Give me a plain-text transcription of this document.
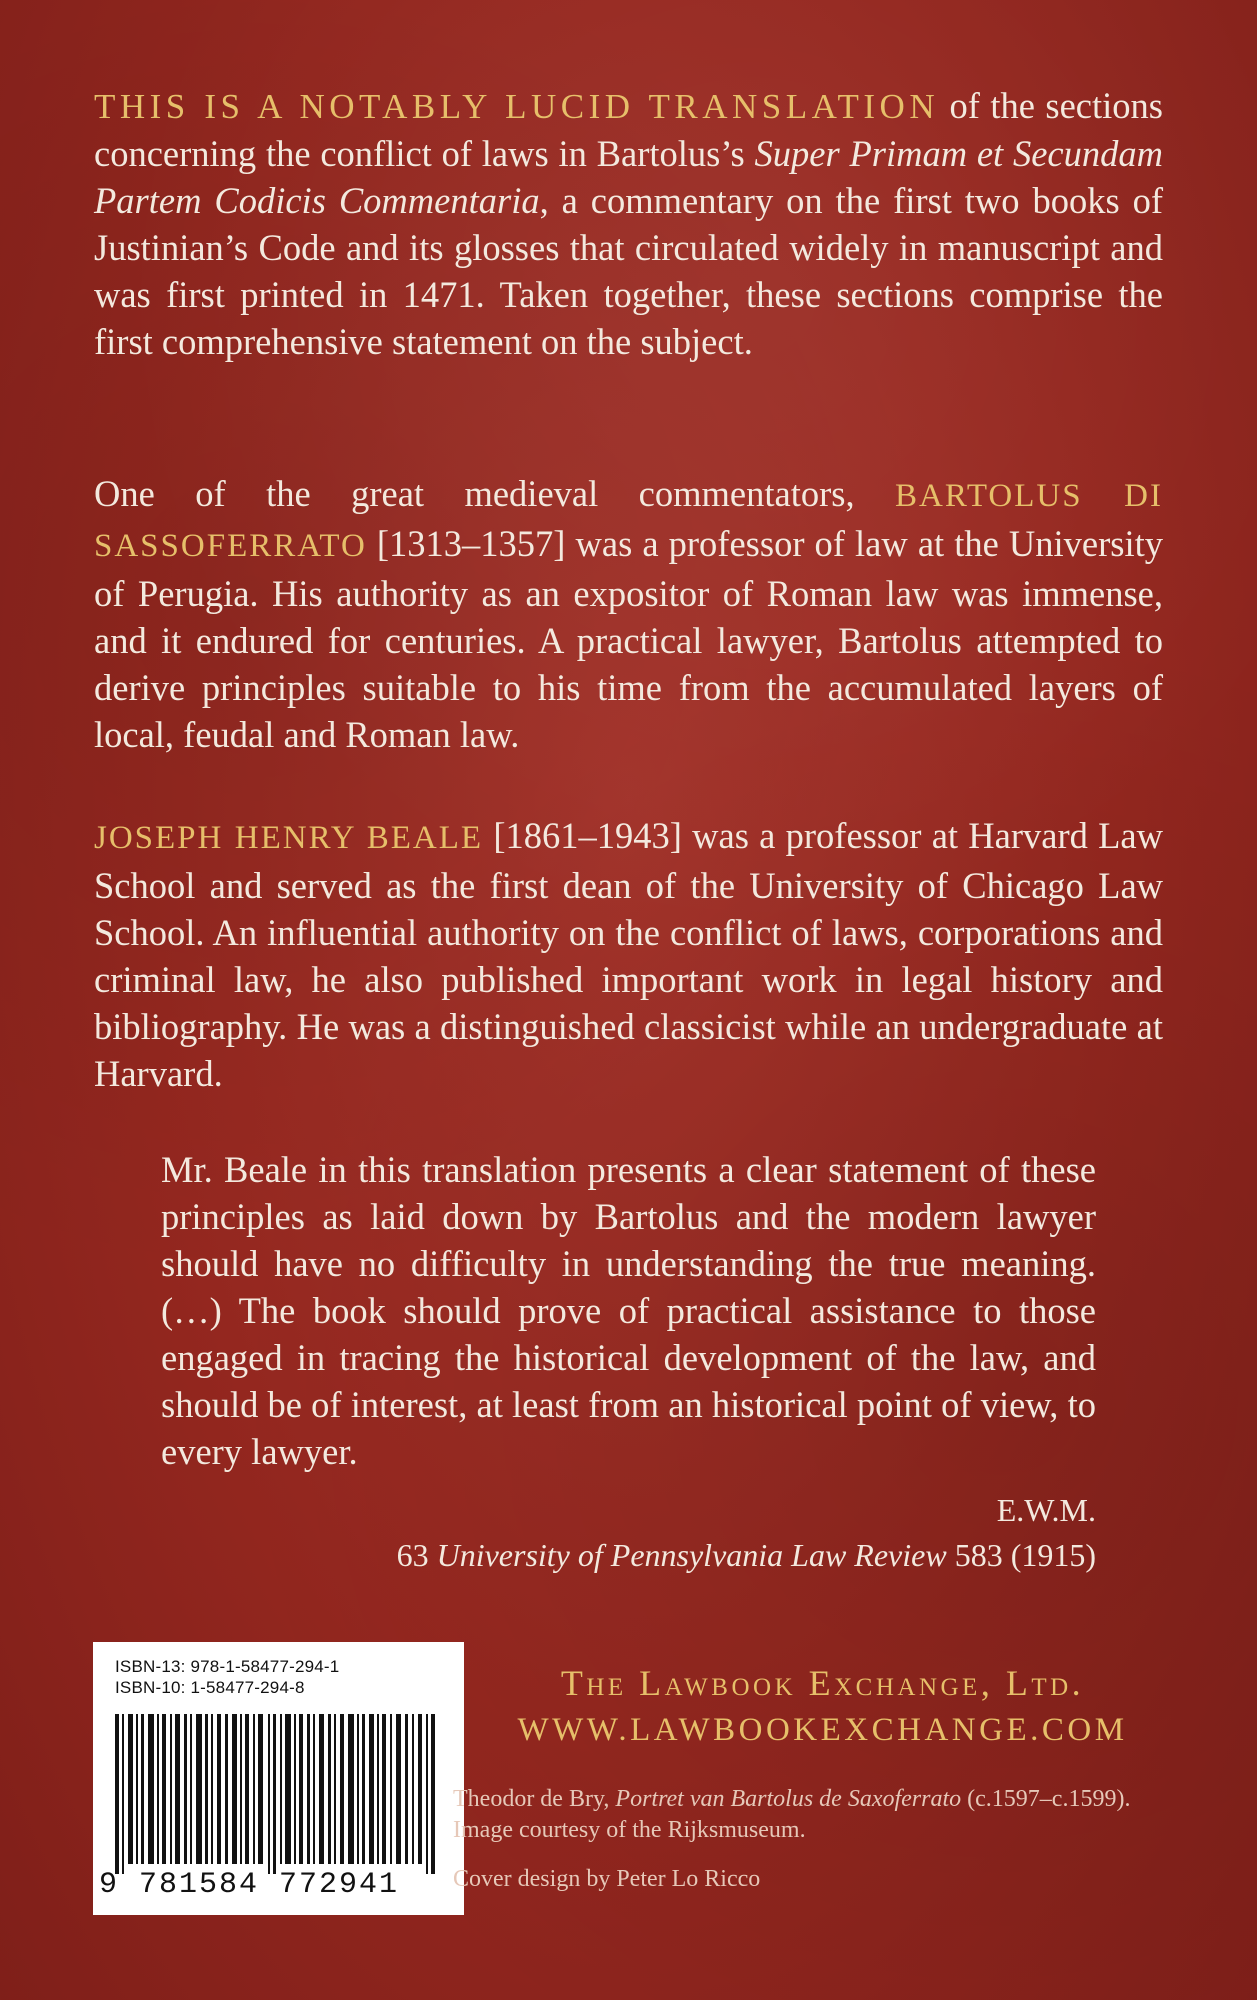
THIS IS A NOTABLY LUCID TRANSLATION of the sections concerning the conflict of laws in Bartolus’s Super Primam et Secundam Partem Codicis Commentaria, a commentary on the first two books of Justinian’s Code and its glosses that circulated widely in manuscript and was first printed in 1471. Taken together, these sections comprise the first comprehensive statement on the subject.

One of the great medieval commentators, BARTOLUS DI SASSOFERRATO [1313–1357] was a professor of law at the University of Perugia. His authority as an expositor of Roman law was immense, and it endured for centuries. A practical lawyer, Bartolus attempted to derive principles suitable to his time from the accumulated layers of local, feudal and Roman law.

JOSEPH HENRY BEALE [1861–1943] was a professor at Harvard Law School and served as the first dean of the University of Chicago Law School. An influential authority on the conflict of laws, corporations and criminal law, he also published important work in legal history and bibliography. He was a distinguished classicist while an undergraduate at Harvard.

Mr. Beale in this translation presents a clear statement of these principles as laid down by Bartolus and the modern lawyer should have no difficulty in understanding the true meaning. (…) The book should prove of practical assistance to those engaged in tracing the historical development of the law, and should be of interest, at least from an historical point of view, to every lawyer.

E.W.M.
63 University of Pennsylvania Law Review 583 (1915)
ISBN-13: 978-1-58477-294-1
ISBN-10: 1-58477-294-8
9 781584 772941
The Lawbook Exchange, Ltd.
WWW.LAWBOOKEXCHANGE.COM
Theodor de Bry, Portret van Bartolus de Saxoferrato (c.1597–c.1599). Image courtesy of the Rijksmuseum.
Cover design by Peter Lo Ricco
